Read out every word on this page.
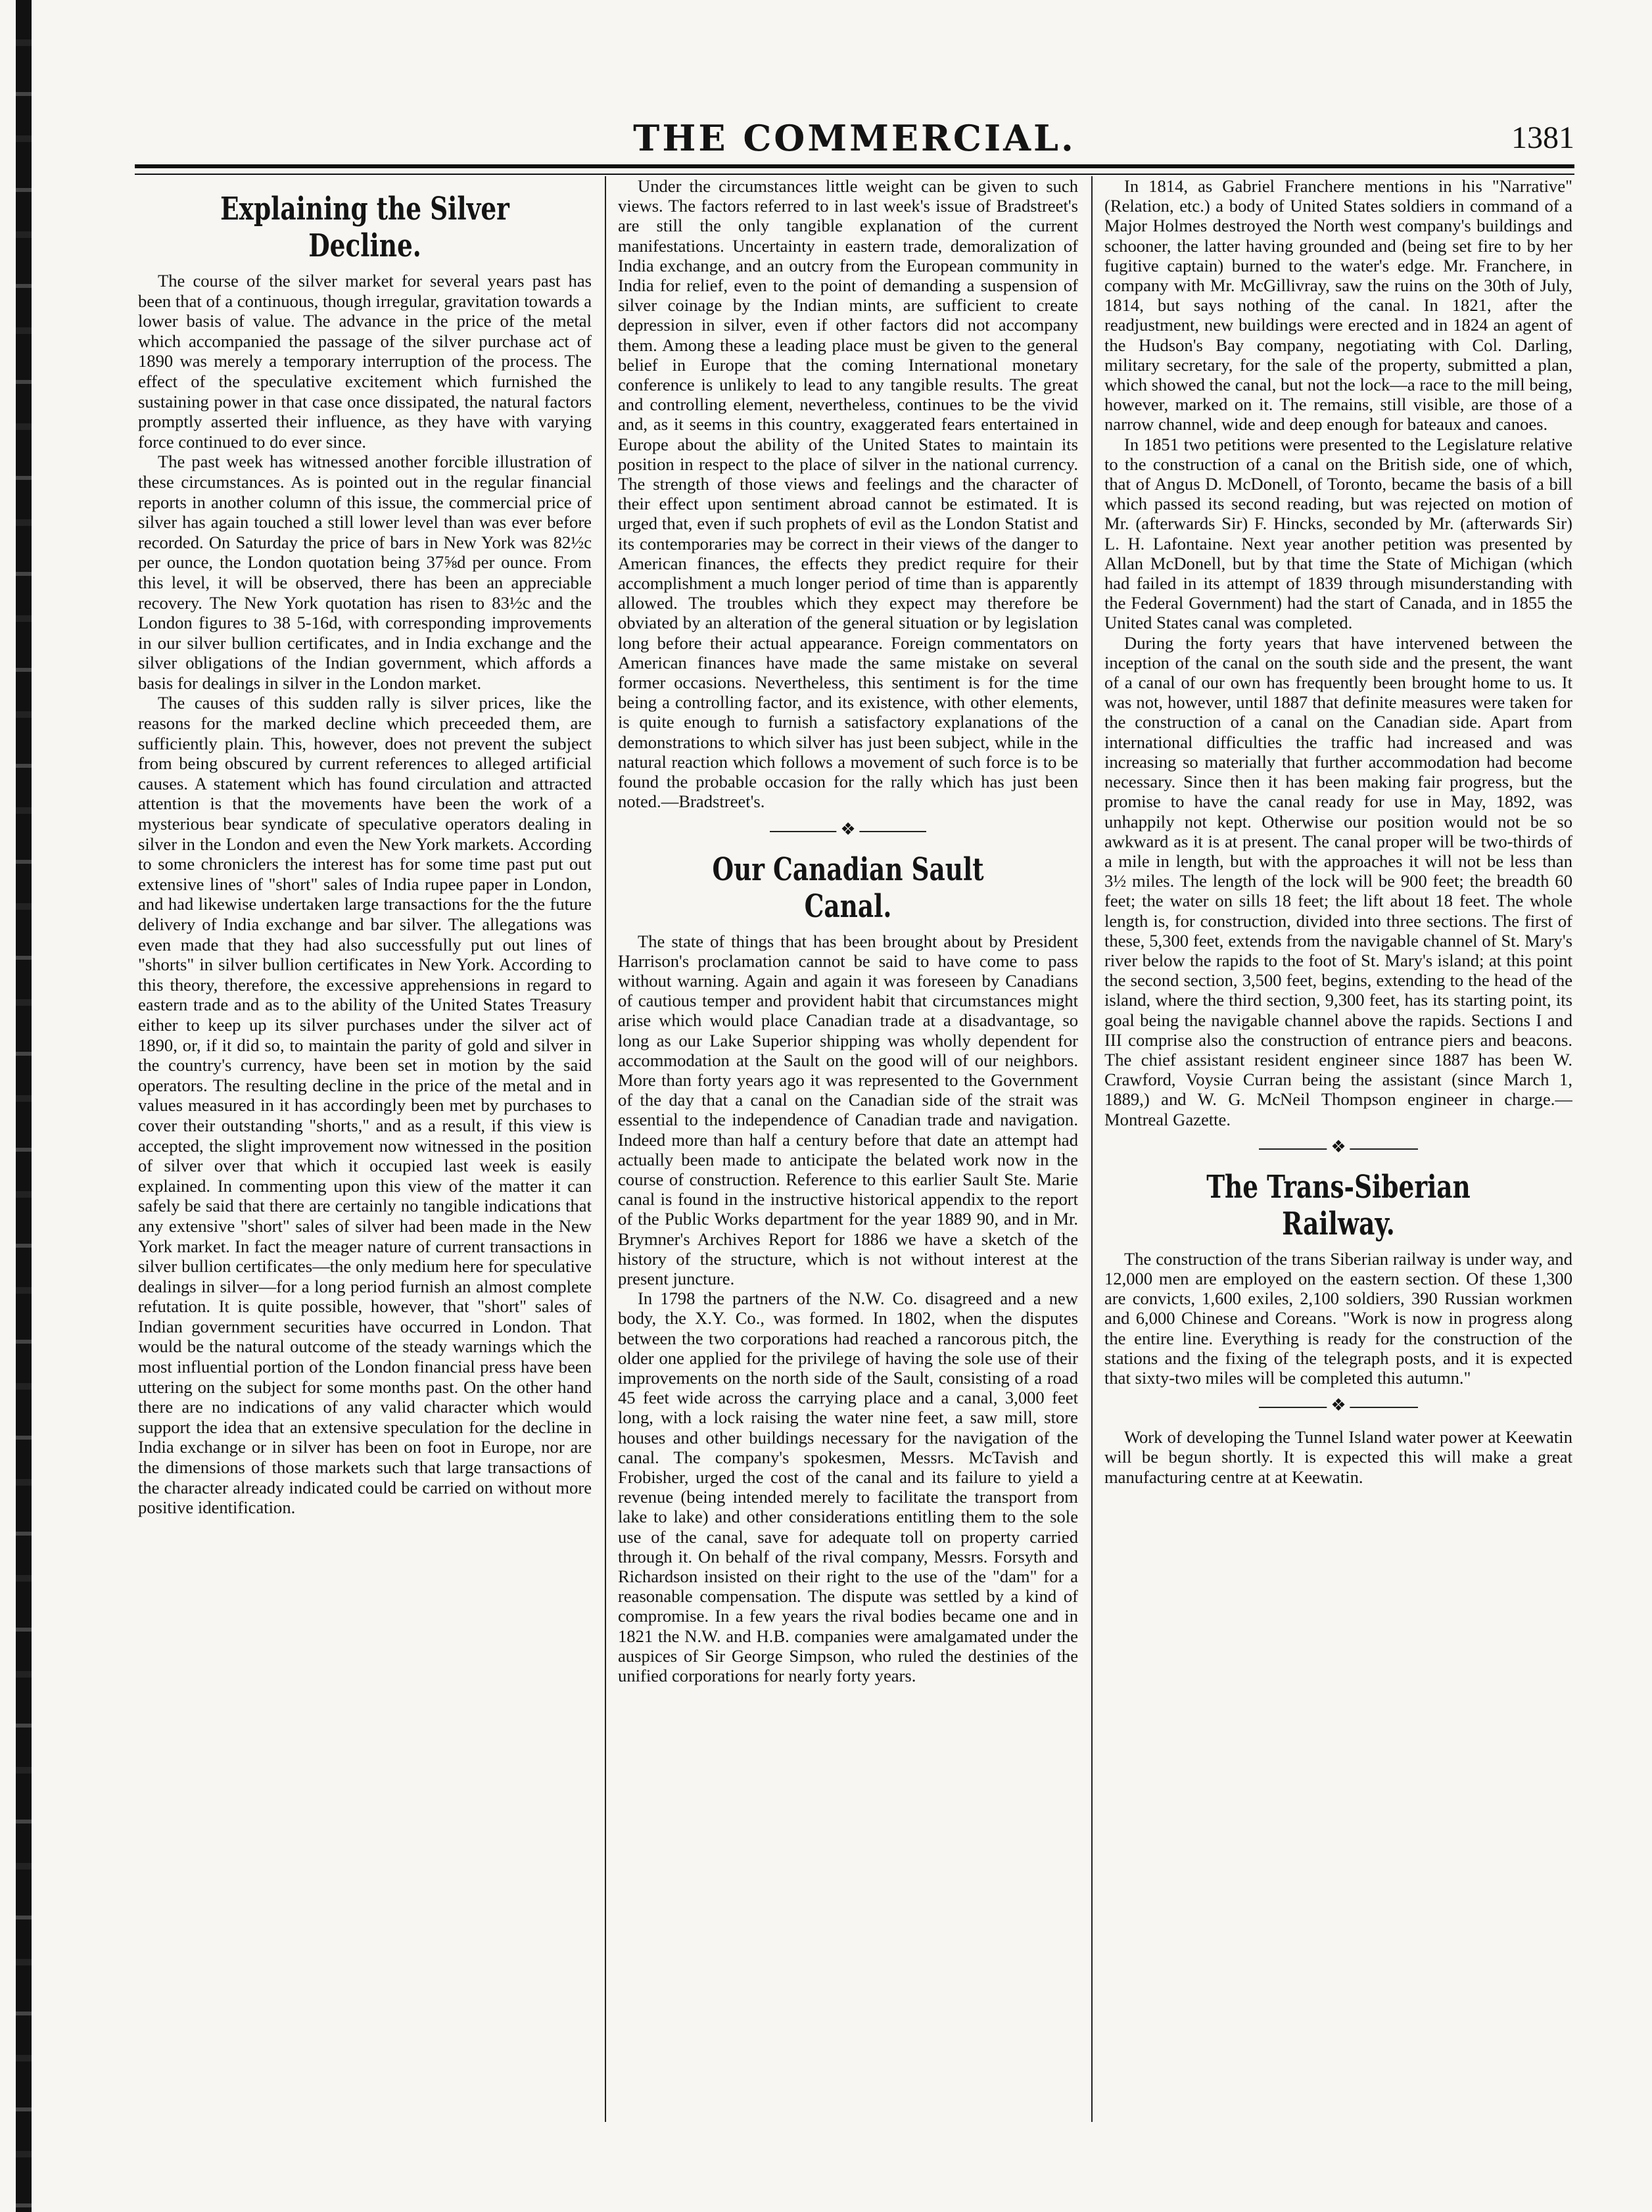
THE COMMERCIAL.	1381
Explaining the Silver Decline.

The course of the silver market for several years past has been that of a continuous, though irregular, gravitation towards a lower basis of value. The advance in the price of the metal which accompanied the passage of the silver purchase act of 1890 was merely a temporary interruption of the process. The effect of the speculative excitement which furnished the sustaining power in that case once dissipated, the natural factors promptly asserted their influence, as they have with varying force continued to do ever since.

The past week has witnessed another forcible illustration of these circumstances. As is pointed out in the regular financial reports in another column of this issue, the commercial price of silver has again touched a still lower level than was ever before recorded. On Saturday the price of bars in New York was 82½c per ounce, the London quotation being 37⅝d per ounce. From this level, it will be observed, there has been an appreciable recovery. The New York quotation has risen to 83½c and the London figures to 38 5-16d, with corresponding improvements in our silver bullion certificates, and in India exchange and the silver obligations of the Indian government, which affords a basis for dealings in silver in the London market.

The causes of this sudden rally is silver prices, like the reasons for the marked decline which preceeded them, are sufficiently plain. This, however, does not prevent the subject from being obscured by current references to alleged artificial causes. A statement which has found circulation and attracted attention is that the movements have been the work of a mysterious bear syndicate of speculative operators dealing in silver in the London and even the New York markets. According to some chroniclers the interest has for some time past put out extensive lines of "short" sales of India rupee paper in London, and had likewise undertaken large transactions for the the future delivery of India exchange and bar silver. The allegations was even made that they had also successfully put out lines of "shorts" in silver bullion certificates in New York. According to this theory, therefore, the excessive apprehensions in regard to eastern trade and as to the ability of the United States Treasury either to keep up its silver purchases under the silver act of 1890, or, if it did so, to maintain the parity of gold and silver in the country's currency, have been set in motion by the said operators. The resulting decline in the price of the metal and in values measured in it has accordingly been met by purchases to cover their outstanding "shorts," and as a result, if this view is accepted, the slight improvement now witnessed in the position of silver over that which it occupied last week is easily explained. In commenting upon this view of the matter it can safely be said that there are certainly no tangible indications that any extensive "short" sales of silver had been made in the New York market. In fact the meager nature of current transactions in silver bullion certificates—the only medium here for speculative dealings in silver—for a long period furnish an almost complete refutation. It is quite possible, however, that "short" sales of Indian government securities have occurred in London. That would be the natural outcome of the steady warnings which the most influential portion of the London financial press have been uttering on the subject for some months past. On the other hand there are no indications of any valid character which would support the idea that an extensive speculation for the decline in India exchange or in silver has been on foot in Europe, nor are the dimensions of those markets such that large transactions of the character already indicated could be carried on without more positive identification.

Under the circumstances little weight can be given to such views. The factors referred to in last week's issue of Bradstreet's are still the only tangible explanation of the current manifestations. Uncertainty in eastern trade, demoralization of India exchange, and an outcry from the European community in India for relief, even to the point of demanding a suspension of silver coinage by the Indian mints, are sufficient to create depression in silver, even if other factors did not accompany them. Among these a leading place must be given to the general belief in Europe that the coming International monetary conference is unlikely to lead to any tangible results. The great and controlling element, nevertheless, continues to be the vivid and, as it seems in this country, exaggerated fears entertained in Europe about the ability of the United States to maintain its position in respect to the place of silver in the national currency. The strength of those views and feelings and the character of their effect upon sentiment abroad cannot be estimated. It is urged that, even if such prophets of evil as the London Statist and its contemporaries may be correct in their views of the danger to American finances, the effects they predict require for their accomplishment a much longer period of time than is apparently allowed. The troubles which they expect may therefore be obviated by an alteration of the general situation or by legislation long before their actual appearance. Foreign commentators on American finances have made the same mistake on several former occasions. Nevertheless, this sentiment is for the time being a controlling factor, and its existence, with other elements, is quite enough to furnish a satisfactory explanations of the demonstrations to which silver has just been subject, while in the natural reaction which follows a movement of such force is to be found the probable occasion for the rally which has just been noted.—Bradstreet's.

❖
Our Canadian Sault Canal.

The state of things that has been brought about by President Harrison's proclamation cannot be said to have come to pass without warning. Again and again it was foreseen by Canadians of cautious temper and provident habit that circumstances might arise which would place Canadian trade at a disadvantage, so long as our Lake Superior shipping was wholly dependent for accommodation at the Sault on the good will of our neighbors. More than forty years ago it was represented to the Government of the day that a canal on the Canadian side of the strait was essential to the independence of Canadian trade and navigation. Indeed more than half a century before that date an attempt had actually been made to anticipate the belated work now in the course of construction. Reference to this earlier Sault Ste. Marie canal is found in the instructive historical appendix to the report of the Public Works department for the year 1889 90, and in Mr. Brymner's Archives Report for 1886 we have a sketch of the history of the structure, which is not without interest at the present juncture.

In 1798 the partners of the N.W. Co. disagreed and a new body, the X.Y. Co., was formed. In 1802, when the disputes between the two corporations had reached a rancorous pitch, the older one applied for the privilege of having the sole use of their improvements on the north side of the Sault, consisting of a road 45 feet wide across the carrying place and a canal, 3,000 feet long, with a lock raising the water nine feet, a saw mill, store houses and other buildings necessary for the navigation of the canal. The company's spokesmen, Messrs. McTavish and Frobisher, urged the cost of the canal and its failure to yield a revenue (being intended merely to facilitate the transport from lake to lake) and other considerations entitling them to the sole use of the canal, save for adequate toll on property carried through it. On behalf of the rival company, Messrs. Forsyth and Richardson insisted on their right to the use of the "dam" for a reasonable compensation. The dispute was settled by a kind of compromise. In a few years the rival bodies became one and in 1821 the N.W. and H.B. companies were amalgamated under the auspices of Sir George Simpson, who ruled the destinies of the unified corporations for nearly forty years.

In 1814, as Gabriel Franchere mentions in his "Narrative" (Relation, etc.) a body of United States soldiers in command of a Major Holmes destroyed the North west company's buildings and schooner, the latter having grounded and (being set fire to by her fugitive captain) burned to the water's edge. Mr. Franchere, in company with Mr. McGillivray, saw the ruins on the 30th of July, 1814, but says nothing of the canal. In 1821, after the readjustment, new buildings were erected and in 1824 an agent of the Hudson's Bay company, negotiating with Col. Darling, military secretary, for the sale of the property, submitted a plan, which showed the canal, but not the lock—a race to the mill being, however, marked on it. The remains, still visible, are those of a narrow channel, wide and deep enough for bateaux and canoes.

In 1851 two petitions were presented to the Legislature relative to the construction of a canal on the British side, one of which, that of Angus D. McDonell, of Toronto, became the basis of a bill which passed its second reading, but was rejected on motion of Mr. (afterwards Sir) F. Hincks, seconded by Mr. (afterwards Sir) L. H. Lafontaine. Next year another petition was presented by Allan McDonell, but by that time the State of Michigan (which had failed in its attempt of 1839 through misunderstanding with the Federal Government) had the start of Canada, and in 1855 the United States canal was completed.

During the forty years that have intervened between the inception of the canal on the south side and the present, the want of a canal of our own has frequently been brought home to us. It was not, however, until 1887 that definite measures were taken for the construction of a canal on the Canadian side. Apart from international difficulties the traffic had increased and was increasing so materially that further accommodation had become necessary. Since then it has been making fair progress, but the promise to have the canal ready for use in May, 1892, was unhappily not kept. Otherwise our position would not be so awkward as it is at present. The canal proper will be two-thirds of a mile in length, but with the approaches it will not be less than 3½ miles. The length of the lock will be 900 feet; the breadth 60 feet; the water on sills 18 feet; the lift about 18 feet. The whole length is, for construction, divided into three sections. The first of these, 5,300 feet, extends from the navigable channel of St. Mary's river below the rapids to the foot of St. Mary's island; at this point the second section, 3,500 feet, begins, extending to the head of the island, where the third section, 9,300 feet, has its starting point, its goal being the navigable channel above the rapids. Sections I and III comprise also the construction of entrance piers and beacons. The chief assistant resident engineer since 1887 has been W. Crawford, Voysie Curran being the assistant (since March 1, 1889,) and W. G. McNeil Thompson engineer in charge.—Montreal Gazette.

❖
The Trans-Siberian Railway.

The construction of the trans Siberian railway is under way, and 12,000 men are employed on the eastern section. Of these 1,300 are convicts, 1,600 exiles, 2,100 soldiers, 390 Russian workmen and 6,000 Chinese and Coreans. "Work is now in progress along the entire line. Everything is ready for the construction of the stations and the fixing of the telegraph posts, and it is expected that sixty-two miles will be completed this autumn."

❖

Work of developing the Tunnel Island water power at Keewatin will be begun shortly. It is expected this will make a great manufacturing centre at at Keewatin.
